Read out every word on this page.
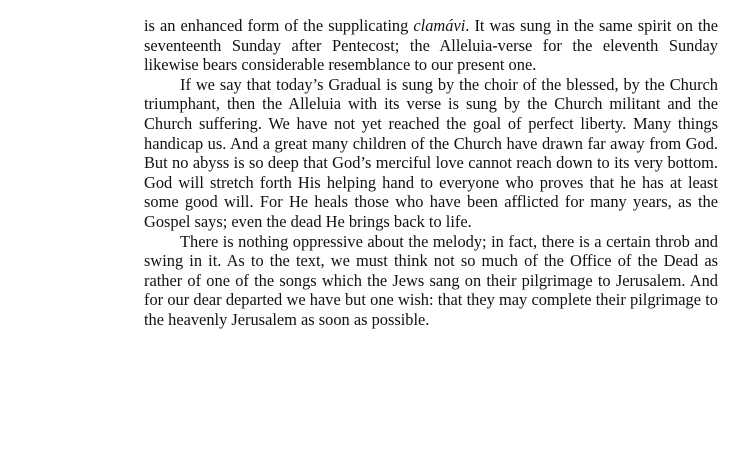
is an enhanced form of the supplicating clamávi. It was sung in the same spirit on the seventeenth Sunday after Pentecost; the Alleluia-verse for the eleventh Sunday likewise bears considerable resemblance to our present one.

If we say that today’s Gradual is sung by the choir of the blessed, by the Church triumphant, then the Alleluia with its verse is sung by the Church militant and the Church suffering. We have not yet reached the goal of perfect liberty. Many things handicap us. And a great many children of the Church have drawn far away from God. But no abyss is so deep that God’s merciful love cannot reach down to its very bottom. God will stretch forth His helping hand to everyone who proves that he has at least some good will. For He heals those who have been afflicted for many years, as the Gospel says; even the dead He brings back to life.

There is nothing oppressive about the melody; in fact, there is a certain throb and swing in it. As to the text, we must think not so much of the Office of the Dead as rather of one of the songs which the Jews sang on their pilgrimage to Jerusalem. And for our dear departed we have but one wish: that they may complete their pilgrimage to the heavenly Jerusalem as soon as possible.
